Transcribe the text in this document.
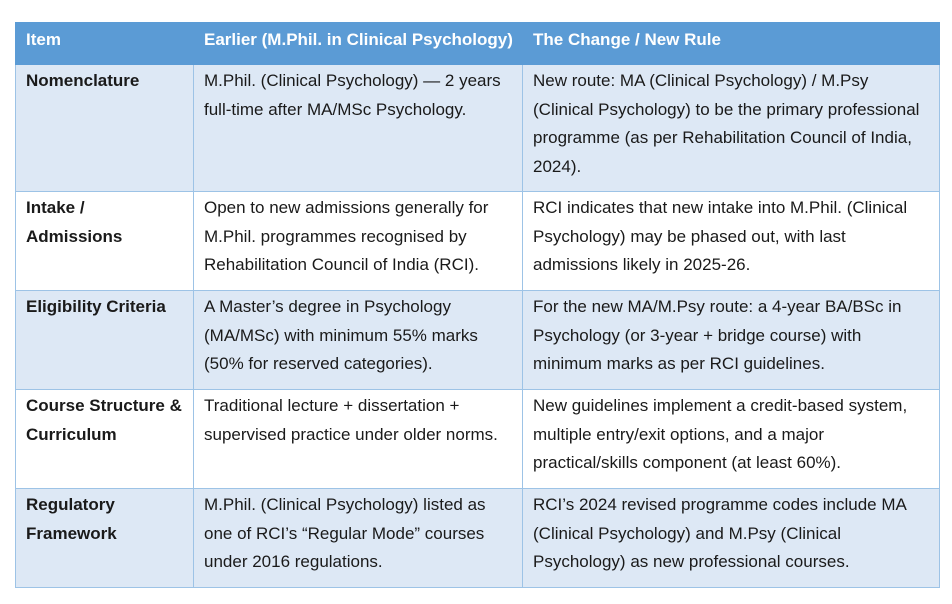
Item	Earlier (M.Phil. in Clinical Psychology)	The Change / New Rule
Nomenclature	M.Phil. (Clinical Psychology) — 2 years full-time after MA/MSc Psychology.	New route: MA (Clinical Psychology) / M.Psy (Clinical Psychology) to be the primary professional programme (as per Rehabilitation Council of India, 2024).
Intake / Admissions	Open to new admissions generally for M.Phil. programmes recognised by Rehabilitation Council of India (RCI).	RCI indicates that new intake into M.Phil. (Clinical Psychology) may be phased out, with last admissions likely in 2025-26.
Eligibility Criteria	A Master’s degree in Psychology (MA/MSc) with minimum 55% marks (50% for reserved categories).	For the new MA/M.Psy route: a 4-year BA/BSc in Psychology (or 3-year + bridge course) with minimum marks as per RCI guidelines.
Course Structure & Curriculum	Traditional lecture + dissertation + supervised practice under older norms.	New guidelines implement a credit-based system, multiple entry/exit options, and a major practical/skills component (at least 60%).
Regulatory Framework	M.Phil. (Clinical Psychology) listed as one of RCI’s “Regular Mode” courses under 2016 regulations.	RCI’s 2024 revised programme codes include MA (Clinical Psychology) and M.Psy (Clinical Psychology) as new professional courses.
